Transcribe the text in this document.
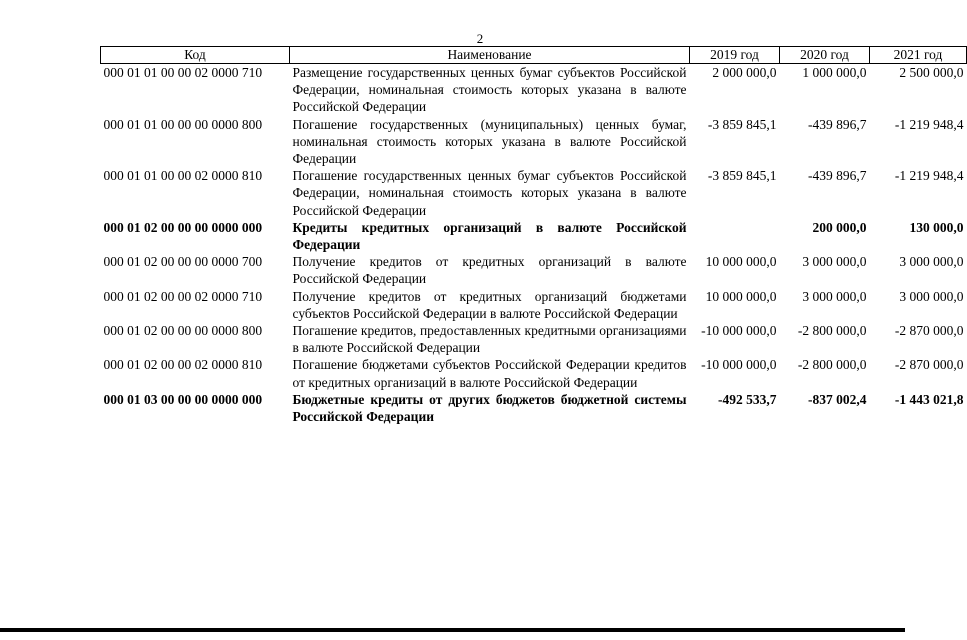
2
Код	Наименование	2019 год	2020 год	2021 год
000 01 01 00 00 02 0000 710	Размещение государственных ценных бумаг субъектов Российской Федерации, номинальная стоимость которых указана в валюте Российской Федерации	2 000 000,0	1 000 000,0	2 500 000,0
000 01 01 00 00 00 0000 800	Погашение государственных (муниципальных) ценных бумаг, номинальная стоимость которых указана в валюте Российской Федерации	-3 859 845,1	-439 896,7	-1 219 948,4
000 01 01 00 00 02 0000 810	Погашение государственных ценных бумаг субъектов Российской Федерации, номинальная стоимость которых указана в валюте Российской Федерации	-3 859 845,1	-439 896,7	-1 219 948,4
000 01 02 00 00 00 0000 000	Кредиты кредитных организаций в валюте Российской Федерации		200 000,0	130 000,0
000 01 02 00 00 00 0000 700	Получение кредитов от кредитных организаций в валюте Российской Федерации	10 000 000,0	3 000 000,0	3 000 000,0
000 01 02 00 00 02 0000 710	Получение кредитов от кредитных организаций бюджетами субъектов Российской Федерации в валюте Российской Федерации	10 000 000,0	3 000 000,0	3 000 000,0
000 01 02 00 00 00 0000 800	Погашение кредитов, предоставленных кредитными организациями в валюте Российской Федерации	-10 000 000,0	-2 800 000,0	-2 870 000,0
000 01 02 00 00 02 0000 810	Погашение бюджетами субъектов Российской Федерации кредитов от кредитных организаций в валюте Российской Федерации	-10 000 000,0	-2 800 000,0	-2 870 000,0
000 01 03 00 00 00 0000 000	Бюджетные кредиты от других бюджетов бюджетной системы Российской Федерации	-492 533,7	-837 002,4	-1 443 021,8
